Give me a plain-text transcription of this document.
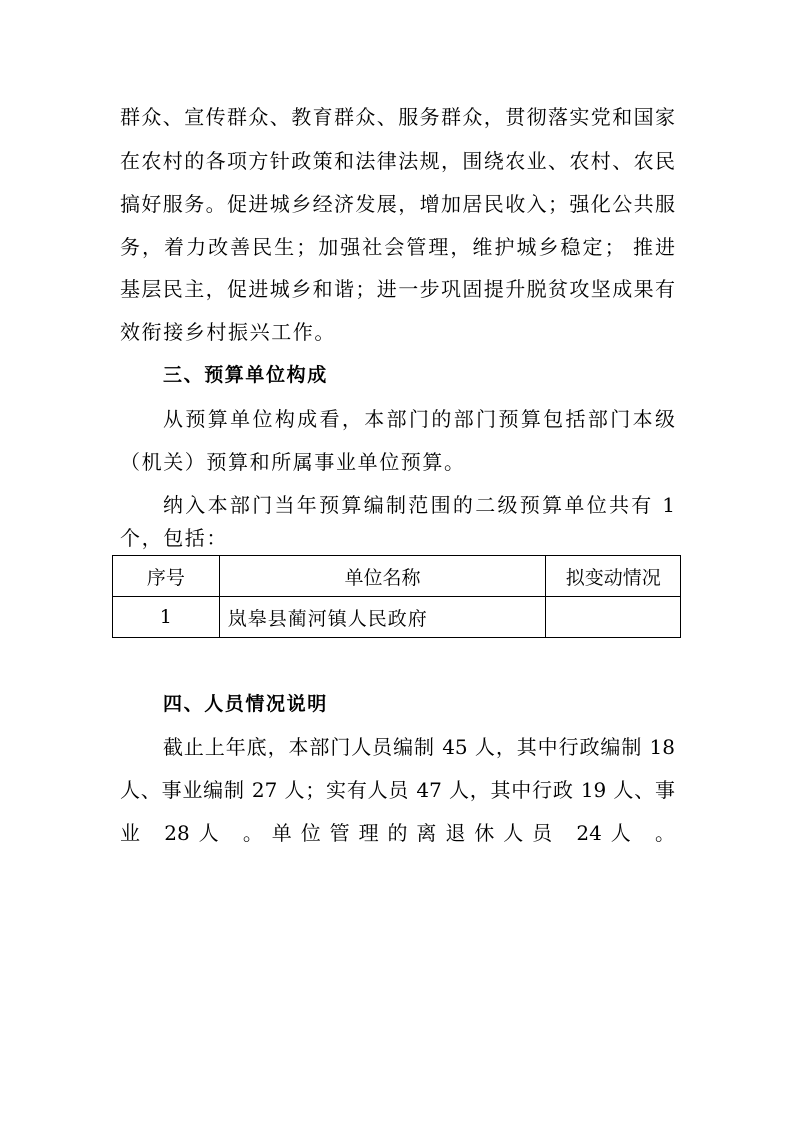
群众、宣传群众、教育群众、服务群众，贯彻落实党和国家
在农村的各项方针政策和法律法规，围绕农业、农村、农民
搞好服务。促进城乡经济发展，增加居民收入；强化公共服
务，着力改善民生；加强社会管理，维护城乡稳定； 推进
基层民主，促进城乡和谐；进一步巩固提升脱贫攻坚成果有
效衔接乡村振兴工作。
三、预算单位构成
从预算单位构成看，本部门的部门预算包括部门本级
（机关）预算和所属事业单位预算。
纳入本部门当年预算编制范围的二级预算单位共有 1
个，包括：
序号	单位名称	拟变动情况
1	岚皋县蔺河镇人民政府	
四、人员情况说明
截止上年底，本部门人员编制 45 人，其中行政编制 18
人、事业编制 27 人；实有人员 47 人，其中行政 19 人、事
业 28人 。单位管理的离退休人员 24人 。
